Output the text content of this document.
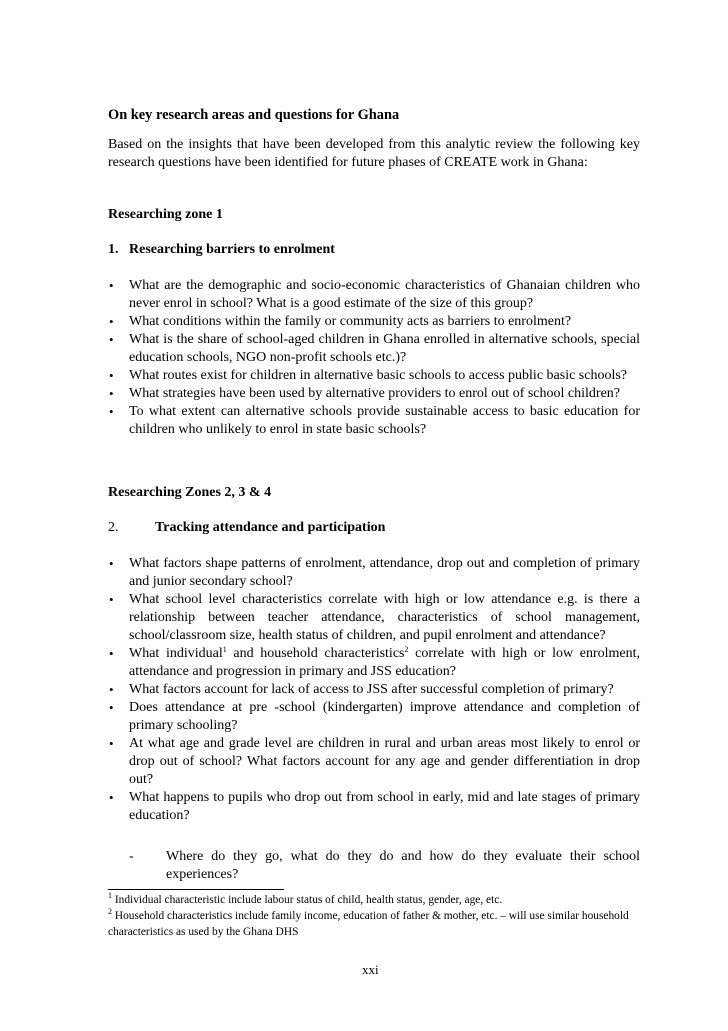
On key research areas and questions for Ghana
Based on the insights that have been developed from this analytic review the following key research questions have been identified for future phases of CREATE work in Ghana:
Researching zone 1
1. Researching barriers to enrolment
• What are the demographic and socio-economic characteristics of Ghanaian children who never enrol in school? What is a good estimate of the size of this group?
• What conditions within the family or community acts as barriers to enrolment?
• What is the share of school-aged children in Ghana enrolled in alternative schools, special education schools, NGO non-profit schools etc.)?
• What routes exist for children in alternative basic schools to access public basic schools?
• What strategies have been used by alternative providers to enrol out of school children?
• To what extent can alternative schools provide sustainable access to basic education for children who unlikely to enrol in state basic schools?
Researching Zones 2, 3 & 4
2.	Tracking attendance and participation
• What factors shape patterns of enrolment, attendance, drop out and completion of primary and junior secondary school?
• What school level characteristics correlate with high or low attendance e.g. is there a relationship between teacher attendance, characteristics of school management, school/classroom size, health status of children, and pupil enrolment and attendance?
• What individual$^1$ and household characteristics$^2$ correlate with high or low enrolment, attendance and progression in primary and JSS education?
• What factors account for lack of access to JSS after successful completion of primary?
• Does attendance at pre -school (kindergarten) improve attendance and completion of primary schooling?
• At what age and grade level are children in rural and urban areas most likely to enrol or drop out of school? What factors account for any age and gender differentiation in drop out?
• What happens to pupils who drop out from school in early, mid and late stages of primary education?
- Where do they go, what do they do and how do they evaluate their school experiences?
$^1$ Individual characteristic include labour status of child, health status, gender, age, etc.
$^2$ Household characteristics include family income, education of father & mother, etc. – will use similar household characteristics as used by the Ghana DHS
xxi
